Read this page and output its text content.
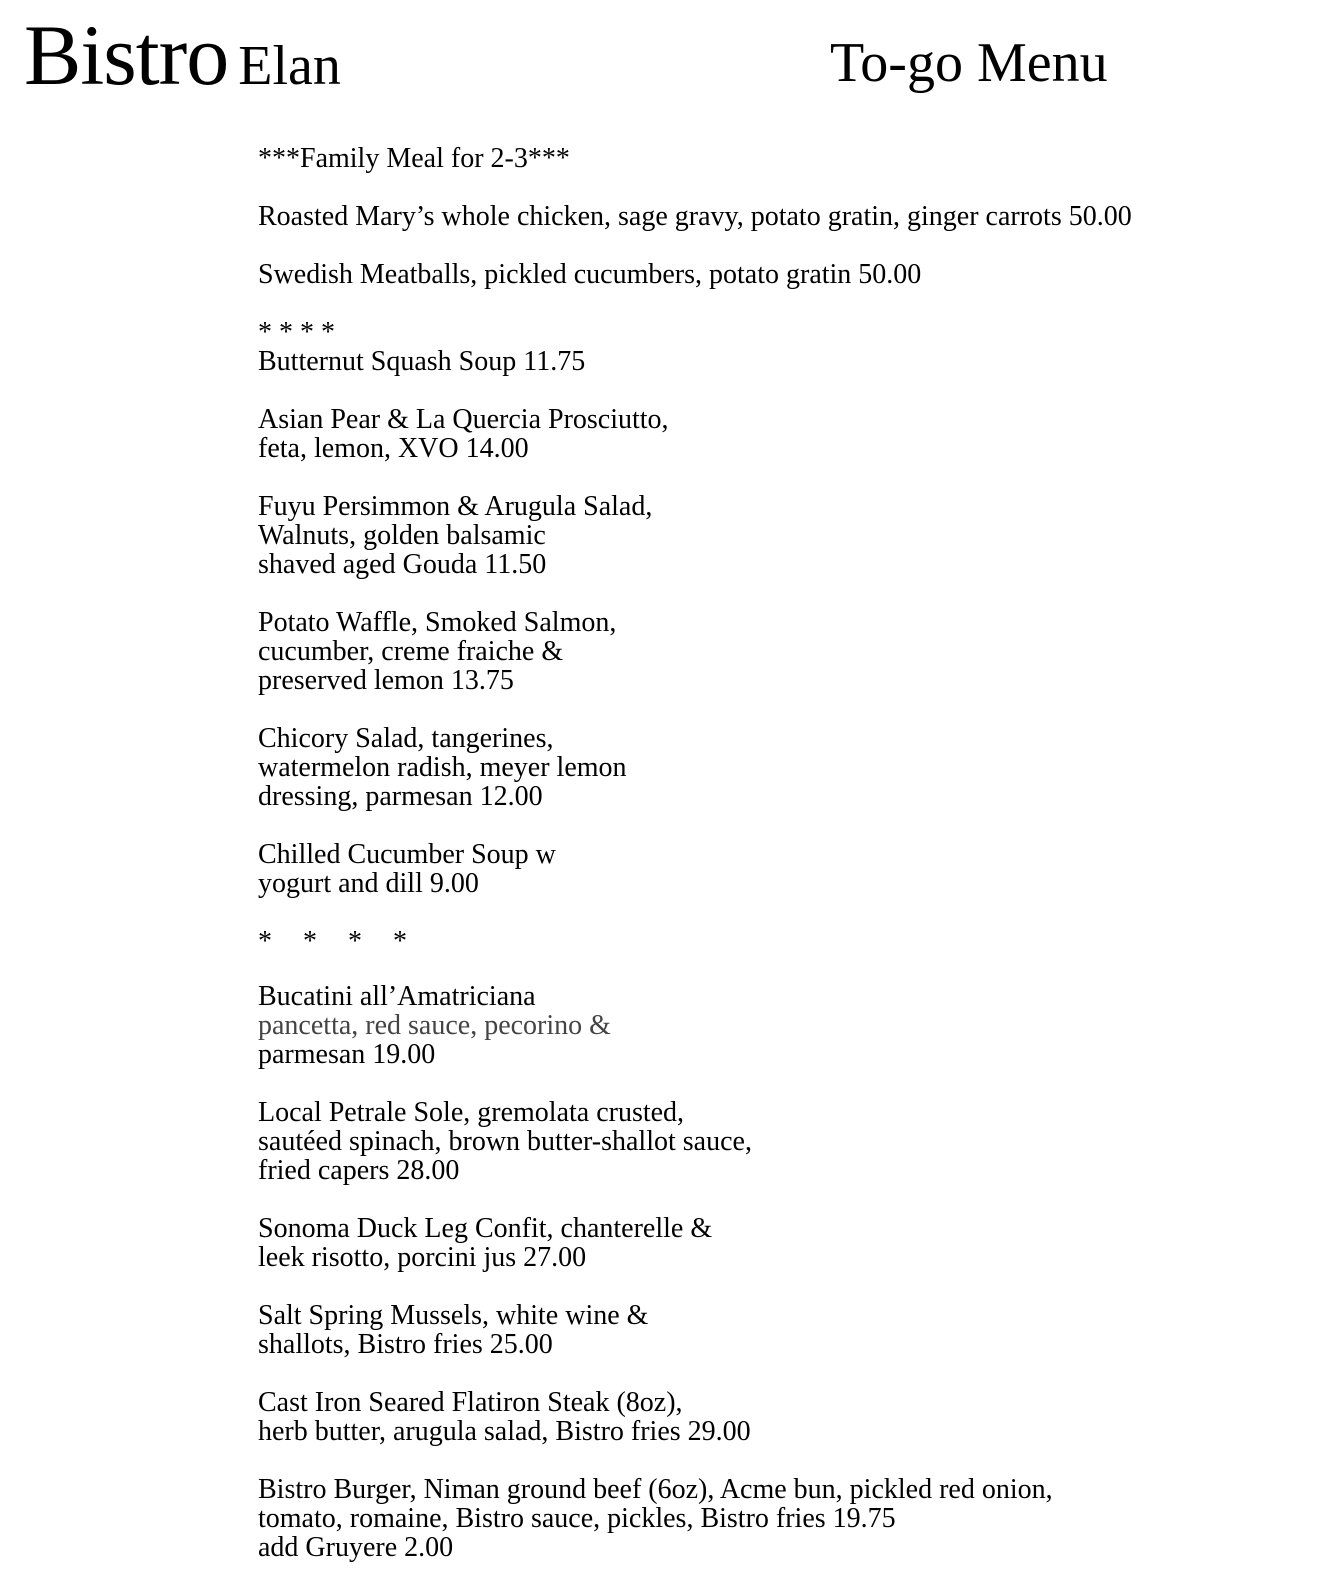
Bistro Elan	To-go Menu
***Family Meal for 2-3***
Roasted Mary’s whole chicken, sage gravy, potato gratin, ginger carrots 50.00
Swedish Meatballs, pickled cucumbers, potato gratin 50.00
* * * *
Butternut Squash Soup 11.75
Asian Pear & La Quercia Prosciutto,
feta, lemon, XVO 14.00
Fuyu Persimmon & Arugula Salad,
Walnuts, golden balsamic
shaved aged Gouda 11.50
Potato Waffle, Smoked Salmon,
cucumber, creme fraiche &
preserved lemon 13.75
Chicory Salad, tangerines,
watermelon radish, meyer lemon
dressing, parmesan 12.00
Chilled Cucumber Soup w
yogurt and dill 9.00
* * * *
Bucatini all’Amatriciana
pancetta, red sauce, pecorino &
parmesan 19.00
Local Petrale Sole, gremolata crusted,
sautéed spinach, brown butter-shallot sauce,
fried capers 28.00
Sonoma Duck Leg Confit, chanterelle &
leek risotto, porcini jus 27.00
Salt Spring Mussels, white wine &
shallots, Bistro fries 25.00
Cast Iron Seared Flatiron Steak (8oz),
herb butter, arugula salad, Bistro fries 29.00
Bistro Burger, Niman ground beef (6oz), Acme bun, pickled red onion,
tomato, romaine, Bistro sauce, pickles, Bistro fries 19.75
add Gruyere 2.00
